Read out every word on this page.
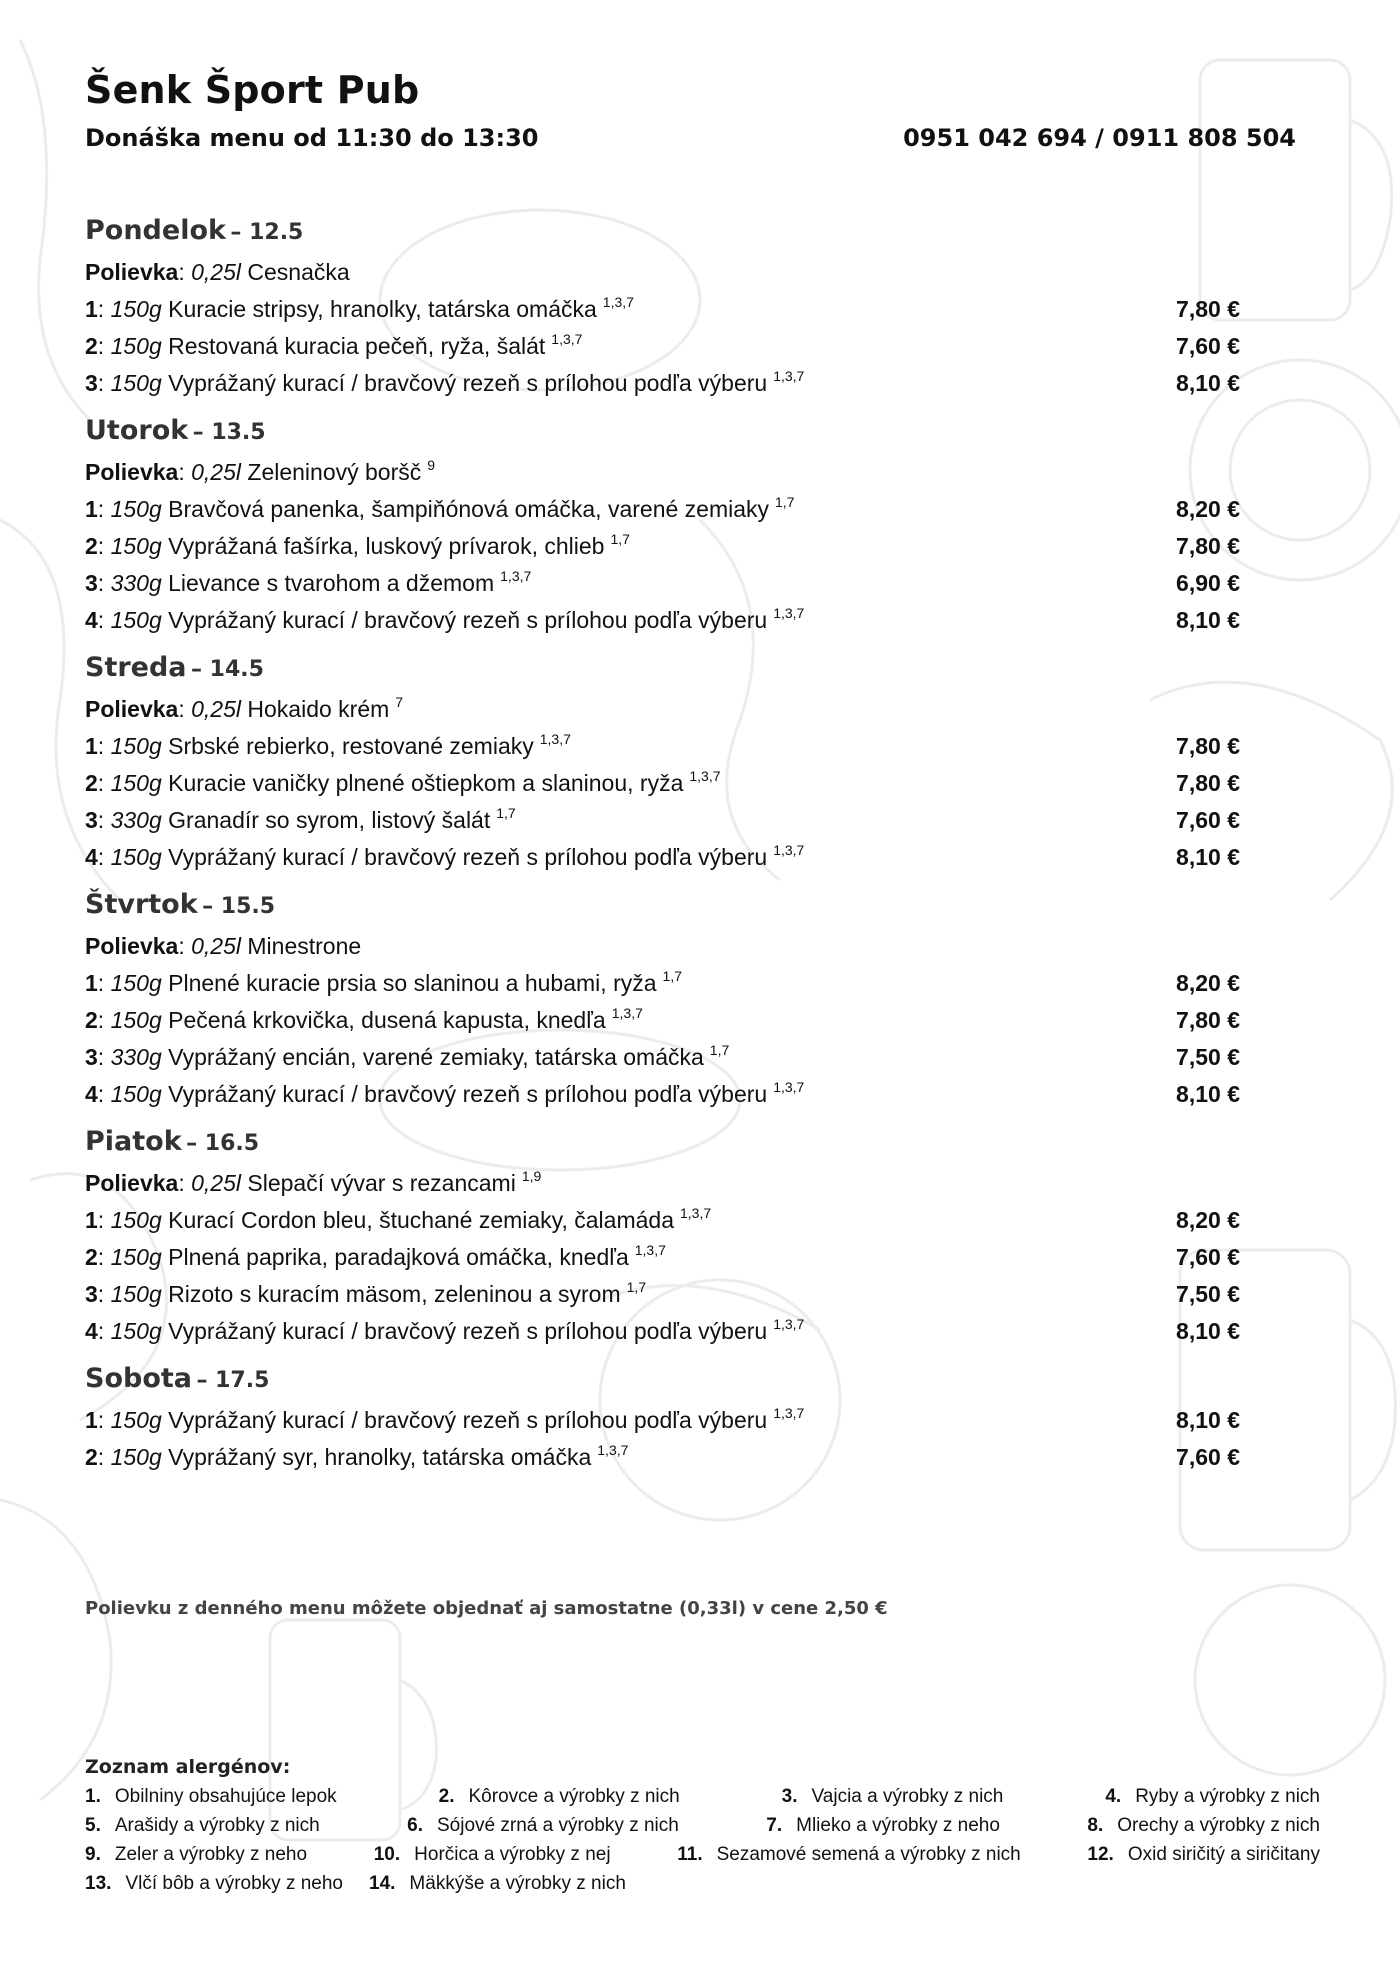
Šenk Šport Pub
Donáška menu od 11:30 do 13:30	0951 042 694 / 0911 808 504
Pondelok – 12.5
Polievka: 0,25l Cesnačka
1: 150g Kuracie stripsy, hranolky, tatárska omáčka $^{1,3,7}$	7,80 €
2: 150g Restovaná kuracia pečeň, ryža, šalát $^{1,3,7}$	7,60 €
3: 150g Vyprážaný kurací / bravčový rezeň s prílohou podľa výberu $^{1,3,7}$	8,10 €
Utorok – 13.5
Polievka: 0,25l Zeleninový boršč $^9$
1: 150g Bravčová panenka, šampiňónová omáčka, varené zemiaky $^{1,7}$	8,20 €
2: 150g Vyprážaná fašírka, luskový prívarok, chlieb $^{1,7}$	7,80 €
3: 330g Lievance s tvarohom a džemom $^{1,3,7}$	6,90 €
4: 150g Vyprážaný kurací / bravčový rezeň s prílohou podľa výberu $^{1,3,7}$	8,10 €
Streda – 14.5
Polievka: 0,25l Hokaido krém $^7$
1: 150g Srbské rebierko, restované zemiaky $^{1,3,7}$	7,80 €
2: 150g Kuracie vaničky plnené oštiepkom a slaninou, ryža $^{1,3,7}$	7,80 €
3: 330g Granadír so syrom, listový šalát $^{1,7}$	7,60 €
4: 150g Vyprážaný kurací / bravčový rezeň s prílohou podľa výberu $^{1,3,7}$	8,10 €
Štvrtok – 15.5
Polievka: 0,25l Minestrone
1: 150g Plnené kuracie prsia so slaninou a hubami, ryža $^{1,7}$	8,20 €
2: 150g Pečená krkovička, dusená kapusta, knedľa $^{1,3,7}$	7,80 €
3: 330g Vyprážaný encián, varené zemiaky, tatárska omáčka $^{1,7}$	7,50 €
4: 150g Vyprážaný kurací / bravčový rezeň s prílohou podľa výberu $^{1,3,7}$	8,10 €
Piatok – 16.5
Polievka: 0,25l Slepačí vývar s rezancami $^{1,9}$
1: 150g Kurací Cordon bleu, štuchané zemiaky, čalamáda $^{1,3,7}$	8,20 €
2: 150g Plnená paprika, paradajková omáčka, knedľa $^{1,3,7}$	7,60 €
3: 150g Rizoto s kuracím mäsom, zeleninou a syrom $^{1,7}$	7,50 €
4: 150g Vyprážaný kurací / bravčový rezeň s prílohou podľa výberu $^{1,3,7}$	8,10 €
Sobota – 17.5
1: 150g Vyprážaný kurací / bravčový rezeň s prílohou podľa výberu $^{1,3,7}$	8,10 €
2: 150g Vyprážaný syr, hranolky, tatárska omáčka $^{1,3,7}$	7,60 €
Polievku z denného menu môžete objednať aj samostatne (0,33l) v cene 2,50 €
Zoznam alergénov:
1. Obilniny obsahujúce lepok	2. Kôrovce a výrobky z nich	3. Vajcia a výrobky z nich	4. Ryby a výrobky z nich
5. Arašidy a výrobky z nich	6. Sójové zrná a výrobky z nich	7. Mlieko a výrobky z neho	8. Orechy a výrobky z nich
9. Zeler a výrobky z neho	10. Horčica a výrobky z nej	11. Sezamové semená a výrobky z nich	12. Oxid siričitý a siričitany
13. Vlčí bôb a výrobky z neho 14. Mäkkýše a výrobky z nich
